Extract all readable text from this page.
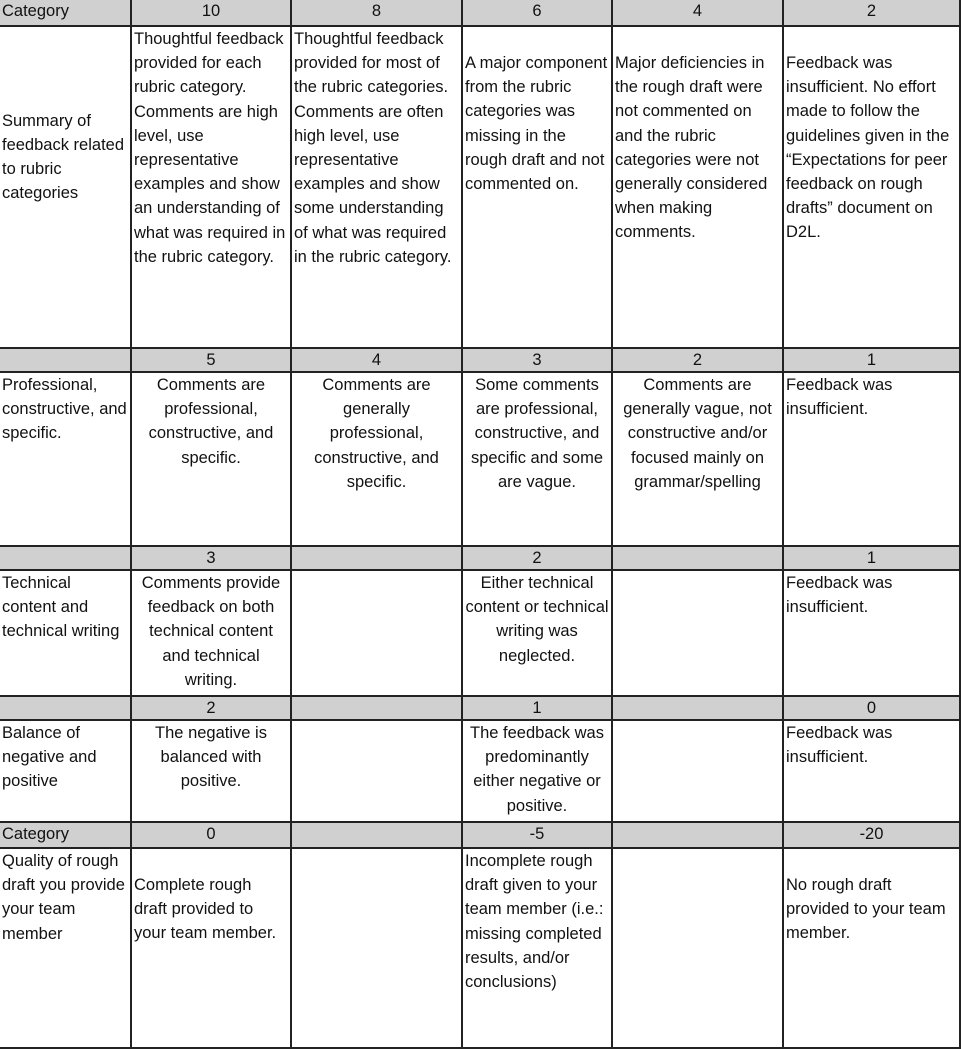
Category	10	8	6	4	2
Summary of feedback related to rubric categories	Thoughtful feedback provided for each rubric category. Comments are high level, use representative examples and show an understanding of what was required in the rubric category.	Thoughtful feedback provided for most of the rubric categories. Comments are often high level, use representative examples and show some understanding of what was required in the rubric category.	A major component from the rubric categories was missing in the rough draft and not commented on.	Major deficiencies in the rough draft were not commented on and the rubric categories were not generally considered when making comments.	Feedback was insufficient. No effort made to follow the guidelines given in the “Expectations for peer feedback on rough drafts” document on D2L.
	5	4	3	2	1
Professional, constructive, and specific.	Comments are professional, constructive, and specific.	Comments are generally professional, constructive, and specific.	Some comments are professional, constructive, and specific and some are vague.	Comments are generally vague, not constructive and/or focused mainly on grammar/spelling	Feedback was insufficient.
	3		2		1
Technical content and technical writing	Comments provide feedback on both technical content and technical writing.		Either technical content or technical writing was neglected.		Feedback was insufficient.
	2		1		0
Balance of negative and positive	The negative is balanced with positive.		The feedback was predominantly either negative or positive.		Feedback was insufficient.
Category	0		-5		-20
Quality of rough draft you provide your team member	Complete rough draft provided to your team member.		Incomplete rough draft given to your team member (i.e.: missing completed results, and/or conclusions)		No rough draft provided to your team member.
